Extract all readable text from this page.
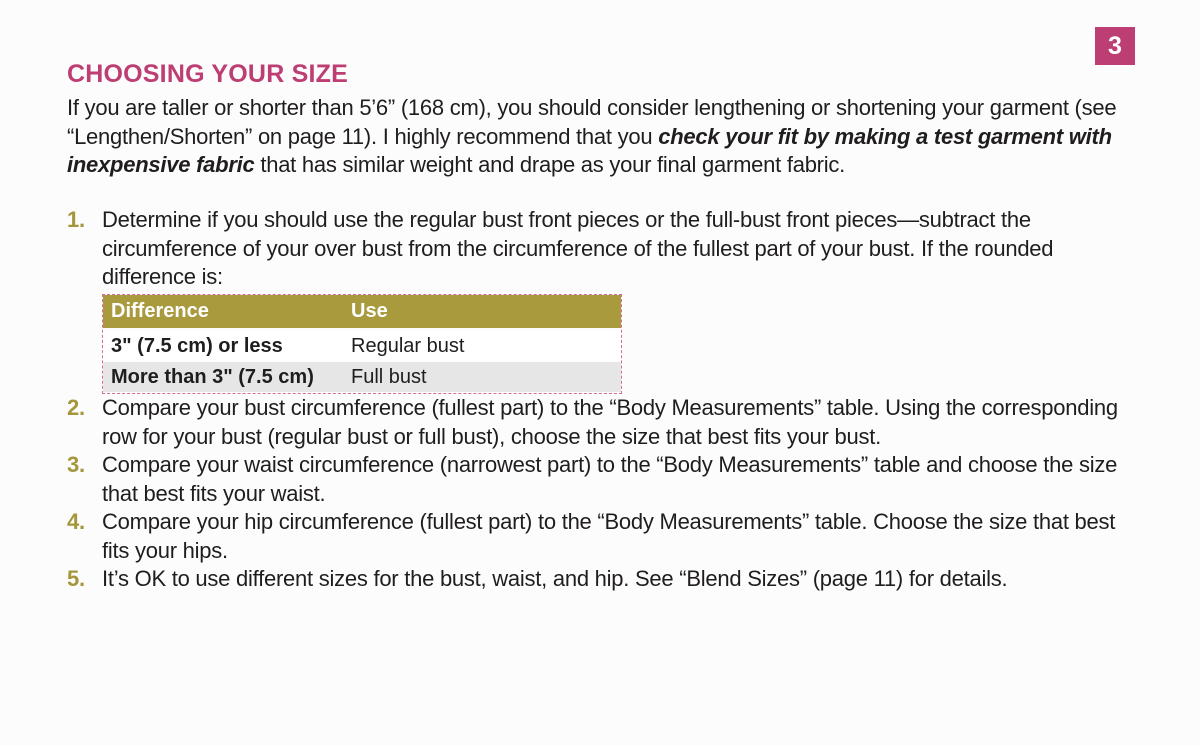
3
CHOOSING YOUR SIZE

If you are taller or shorter than 5’6” (168 cm), you should consider lengthening or shortening your garment (see “Lengthen/Shorten” on page 11). I highly recommend that you check your fit by making a test garment with inexpensive fabric that has similar weight and drape as your final garment fabric.

1. Determine if you should use the regular bust front pieces or the full-bust front pieces—subtract the circumference of your over bust from the circumference of the fullest part of your bust. If the rounded difference is:
Difference	Use
3" (7.5 cm) or less	Regular bust
More than 3" (7.5 cm) Full bust
2. Compare your bust circumference (fullest part) to the “Body Measurements” table. Using the corresponding row for your bust (regular bust or full bust), choose the size that best fits your bust.
3. Compare your waist circumference (narrowest part) to the “Body Measurements” table and choose the size that best fits your waist.
4. Compare your hip circumference (fullest part) to the “Body Measurements” table. Choose the size that best fits your hips.
5. It’s OK to use different sizes for the bust, waist, and hip. See “Blend Sizes” (page 11) for details.
